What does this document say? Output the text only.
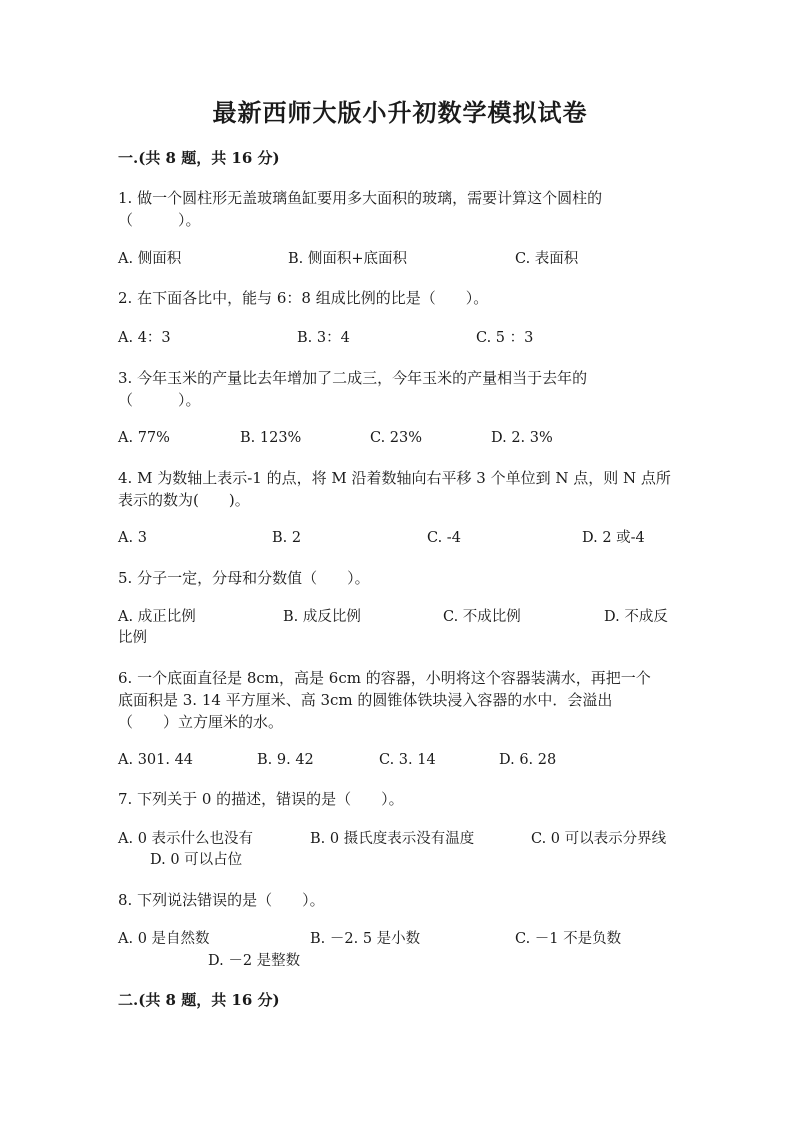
最新西师大版小升初数学模拟试卷
一.(共 8 题，共 16 分)
1. 做一个圆柱形无盖玻璃鱼缸要用多大面积的玻璃，需要计算这个圆柱的
（　　　）。
A. 侧面积	B. 侧面积+底面积	C. 表面积
2. 在下面各比中，能与 6：8 组成比例的比是（　　）。
A. 4：3	B. 3：4	C. 5 ：3
3. 今年玉米的产量比去年增加了二成三，今年玉米的产量相当于去年的
（　　　）。
A. 77%	B. 123%	C. 23%	D. 2. 3%
4. M 为数轴上表示-1 的点，将 M 沿着数轴向右平移 3 个单位到 N 点，则 N 点所
表示的数为(　　)。
A. 3	B. 2	C. -4	D. 2 或-4
5. 分子一定，分母和分数值（　　）。
A. 成正比例	B. 成反比例	C. 不成比例	D. 不成反
比例
6. 一个底面直径是 8cm，高是 6cm 的容器，小明将这个容器装满水，再把一个
底面积是 3. 14 平方厘米、高 3cm 的圆锥体铁块浸入容器的水中．会溢出
（　　）立方厘米的水。
A. 301. 44	B. 9. 42	C. 3. 14	D. 6. 28
7. 下列关于 0 的描述，错误的是（　　）。
A. 0 表示什么也没有	B. 0 摄氏度表示没有温度	C. 0 可以表示分界线
D. 0 可以占位
8. 下列说法错误的是（　　）。
A. 0 是自然数	B. －2. 5 是小数	C. －1 不是负数
D. －2 是整数
二.(共 8 题，共 16 分)
